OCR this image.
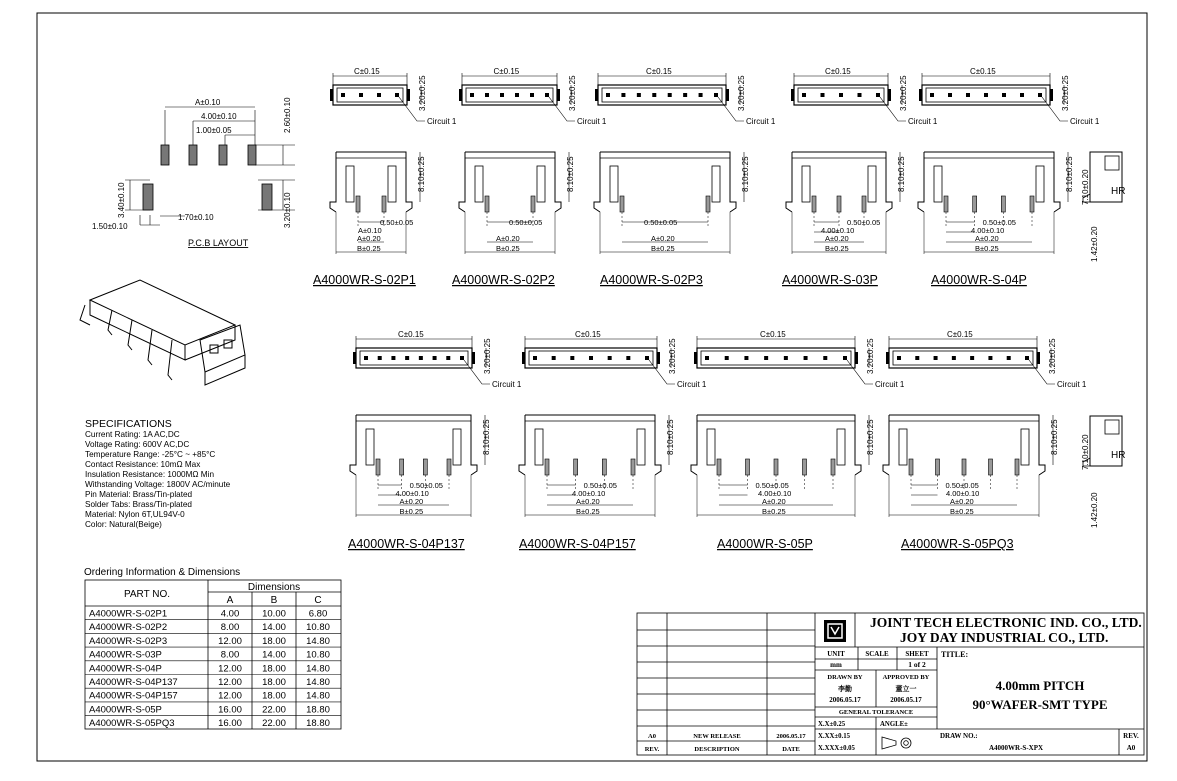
A±0.10
4.00±0.10
1.00±0.05	2.60±0.10
3.40±0.10	1.70±0.10
1.50±0.10	3.20±0.10
P.C.B LAYOUT
C±0.15
3.20±0.25
Circuit 1
C±0.15
3.20±0.25
Circuit 1
C±0.15
3.20±0.25
Circuit 1
C±0.15
3.20±0.25
Circuit 1
C±0.15
3.20±0.25
Circuit 1
8.10±0.25
0.50±0.05
A±0.10
A±0.20
B±0.25
8.10±0.25
0.50±0.05
A±0.20
B±0.25
8.10±0.25
0.50±0.05
A±0.20
B±0.25
8.10±0.25
0.50±0.05
4.00±0.10
A±0.20
B±0.25
8.10±0.25
0.50±0.05
4.00±0.10
A±0.20
B±0.25
C±0.15
3.20±0.25
Circuit 1
C±0.15
3.20±0.25
Circuit 1
C±0.15
3.20±0.25
Circuit 1
C±0.15
3.20±0.25
Circuit 1
8.10±0.25
0.50±0.05
4.00±0.10
A±0.20
B±0.25
8.10±0.25
0.50±0.05
4.00±0.10
A±0.20
B±0.25
8.10±0.25
0.50±0.05
4.00±0.10
A±0.20
B±0.25
8.10±0.25
0.50±0.05
4.00±0.10
A±0.20
B±0.25
HR
7.10±0.20
1.42±0.20
HR
7.10±0.20
1.42±0.20
A4000WR-S-02P1	A4000WR-S-02P2	A4000WR-S-02P3	A4000WR-S-03P	A4000WR-S-04P
A4000WR-S-04P137	A4000WR-S-04P157	A4000WR-S-05P	A4000WR-S-05PQ3
SPECIFICATIONS
Current Rating: 1A AC,DC
Voltage Rating: 600V AC,DC
Temperature Range: -25°C ~ +85°C
Contact Resistance: 10mΩ Max
Insulation Resistance: 1000MΩ Min
Withstanding Voltage: 1800V AC/minute
Pin Material: Brass/Tin-plated
Solder Tabs: Brass/Tin-plated
Material: Nylon 6T,UL94V-0
Color: Natural(Beige)
Ordering Information & Dimensions
PART NO.
Dimensions
A	B	C
A4000WR-S-02P1	4.00 10.00 6.80
A4000WR-S-02P2	8.00 14.00 10.80
A4000WR-S-02P3	12.00 18.00 14.80
A4000WR-S-03P	8.00 14.00 10.80
A4000WR-S-04P	12.00 18.00 14.80
A4000WR-S-04P137	12.00 18.00 14.80
A4000WR-S-04P157	12.00 18.00 14.80
A4000WR-S-05P	16.00 22.00 18.80
A4000WR-S-05PQ3	16.00 22.00 18.80
JOINT TECH ELECTRONIC IND. CO., LTD.
JOY DAY INDUSTRIAL CO., LTD.
UNIT	SCALE SHEET
mm	1 of 2
DRAWN BY	APPROVED BY
李勤	董立一
2006.05.17	2006.05.17
GENERAL TOLERANCE
X.X±0.25
X.XX±0.15
X.XXX±0.05
ANGLE±
TITLE:
4.00mm PITCH
90°WAFER-SMT TYPE
DRAW NO.:
A4000WR-S-XPX
REV.
A0
A0	NEW RELEASE	2006.05.17
REV.	DESCRIPTION	DATE
